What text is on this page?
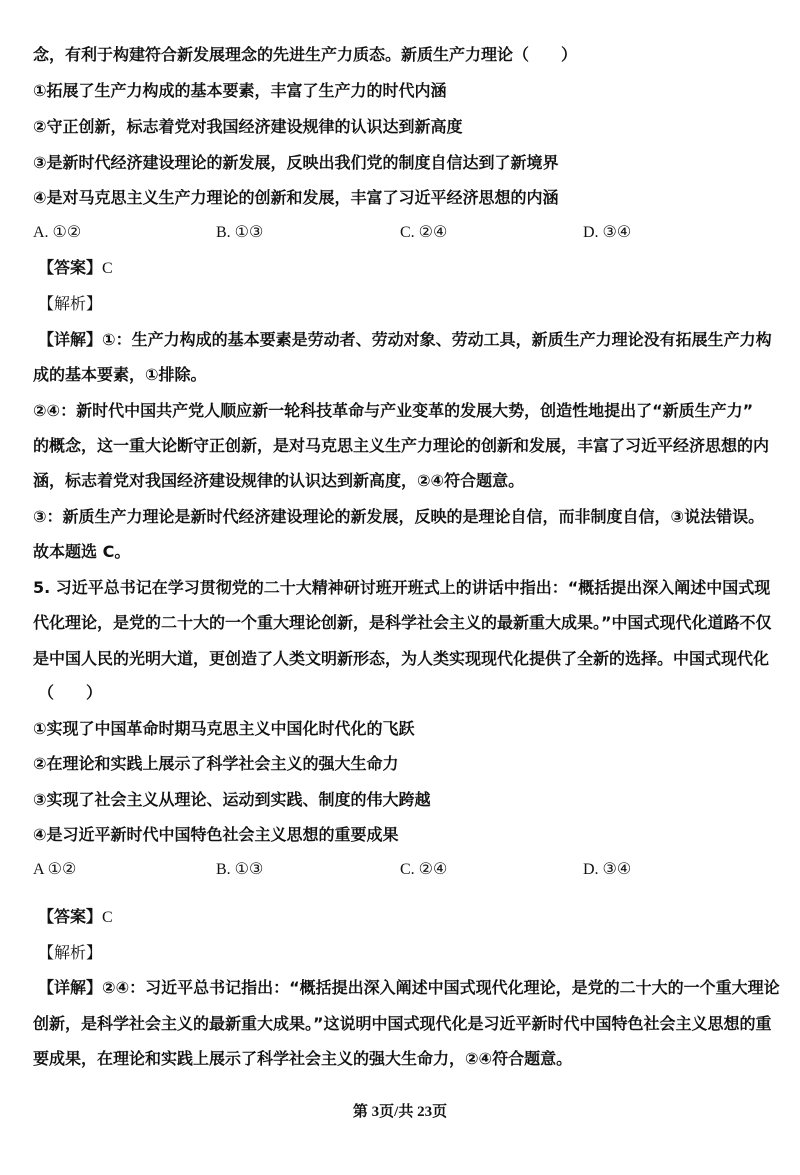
念，有利于构建符合新发展理念的先进生产力质态。新质生产力理论（　　）
①拓展了生产力构成的基本要素，丰富了生产力的时代内涵
②守正创新，标志着党对我国经济建设规律的认识达到新高度
③是新时代经济建设理论的新发展，反映出我们党的制度自信达到了新境界
④是对马克思主义生产力理论的创新和发展，丰富了习近平经济思想的内涵
A. ①②	B. ①③	C. ②④	D. ③④
【答案】C
【解析】
【详解】①：生产力构成的基本要素是劳动者、劳动对象、劳动工具，新质生产力理论没有拓展生产力构
成的基本要素，①排除。
②④：新时代中国共产党人顺应新一轮科技革命与产业变革的发展大势，创造性地提出了“新质生产力”
的概念，这一重大论断守正创新，是对马克思主义生产力理论的创新和发展，丰富了习近平经济思想的内
涵，标志着党对我国经济建设规律的认识达到新高度，②④符合题意。
③：新质生产力理论是新时代经济建设理论的新发展，反映的是理论自信，而非制度自信，③说法错误。
故本题选 C。
5. 习近平总书记在学习贯彻党的二十大精神研讨班开班式上的讲话中指出：“概括提出深入阐述中国式现
代化理论，是党的二十大的一个重大理论创新，是科学社会主义的最新重大成果。”中国式现代化道路不仅
是中国人民的光明大道，更创造了人类文明新形态，为人类实现现代化提供了全新的选择。中国式现代化
（　　）
①实现了中国革命时期马克思主义中国化时代化的飞跃
②在理论和实践上展示了科学社会主义的强大生命力
③实现了社会主义从理论、运动到实践、制度的伟大跨越
④是习近平新时代中国特色社会主义思想的重要成果
A ①②	B. ①③	C. ②④	D. ③④
【答案】C
【解析】
【详解】②④：习近平总书记指出：“概括提出深入阐述中国式现代化理论，是党的二十大的一个重大理论
创新，是科学社会主义的最新重大成果。”这说明中国式现代化是习近平新时代中国特色社会主义思想的重
要成果，在理论和实践上展示了科学社会主义的强大生命力，②④符合题意。
第 3页/共 23页
